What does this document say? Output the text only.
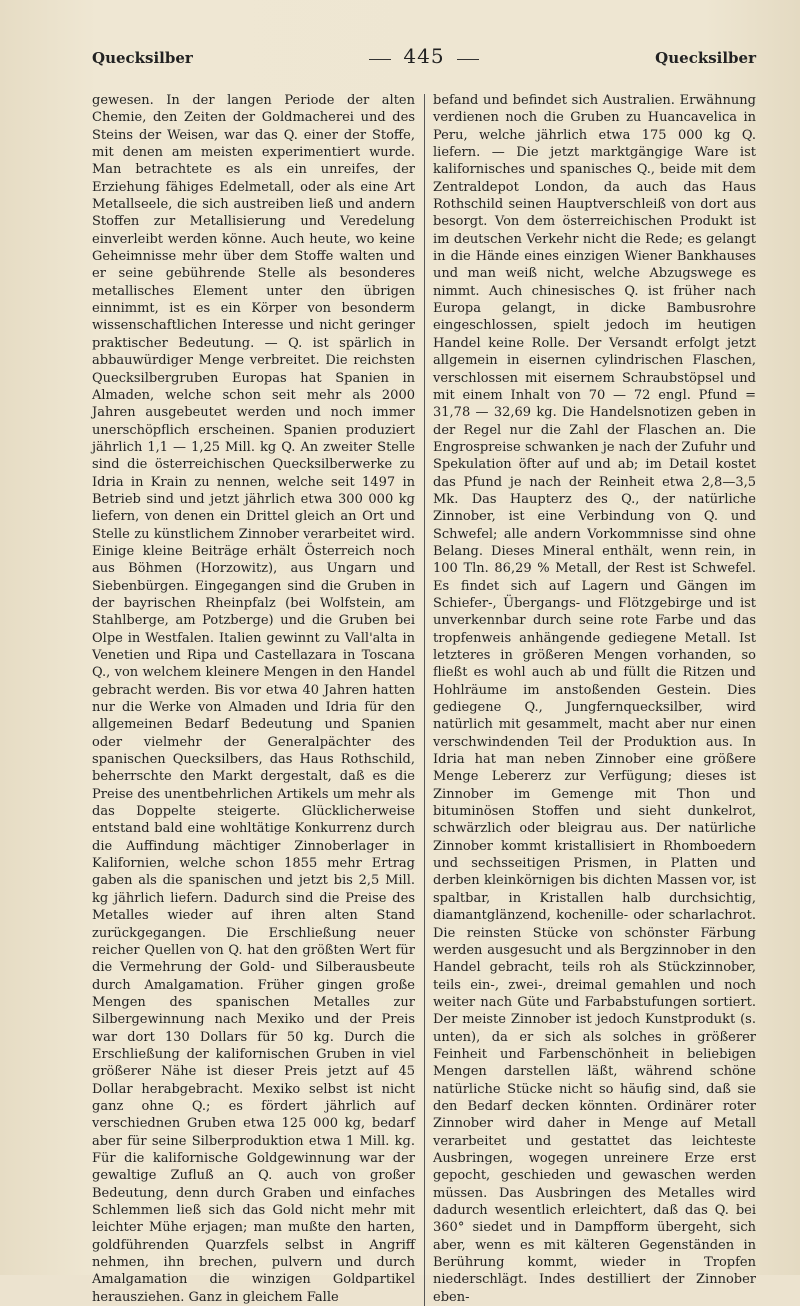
Quecksilber	445	Quecksilber

gewesen. In der langen Periode der alten Chemie, den Zeiten der Goldmacherei und des Steins der Weisen, war das Q. einer der Stoffe, mit denen am meisten experimentiert wurde. Man betrachtete es als ein unreifes, der Erziehung fähiges Edelmetall, oder als eine Art Metallseele, die sich austreiben ließ und andern Stoffen zur Metallisierung und Veredelung einverleibt werden könne. Auch heute, wo keine Geheimnisse mehr über dem Stoffe walten und er seine gebührende Stelle als besonderes metallisches Element unter den übrigen einnimmt, ist es ein Körper von besonderm wissenschaftlichen Interesse und nicht geringer praktischer Bedeutung. — Q. ist spärlich in abbauwürdiger Menge verbreitet. Die reichsten Quecksilbergruben Europas hat Spanien in Almaden, welche schon seit mehr als 2000 Jahren ausgebeutet werden und noch immer unerschöpflich erscheinen. Spanien produziert jährlich 1,1 — 1,25 Mill. kg Q. An zweiter Stelle sind die österreichischen Quecksilberwerke zu Idria in Krain zu nennen, welche seit 1497 in Betrieb sind und jetzt jährlich etwa 300 000 kg liefern, von denen ein Drittel gleich an Ort und Stelle zu künstlichem Zinnober verarbeitet wird. Einige kleine Beiträge erhält Österreich noch aus Böhmen (Horzowitz), aus Ungarn und Siebenbürgen. Eingegangen sind die Gruben in der bayrischen Rheinpfalz (bei Wolfstein, am Stahlberge, am Potzberge) und die Gruben bei Olpe in Westfalen. Italien gewinnt zu Vall'alta in Venetien und Ripa und Castellazara in Toscana Q., von welchem kleinere Mengen in den Handel gebracht werden. Bis vor etwa 40 Jahren hatten nur die Werke von Almaden und Idria für den allgemeinen Bedarf Bedeutung und Spanien oder vielmehr der Generalpächter des spanischen Quecksilbers, das Haus Rothschild, beherrschte den Markt dergestalt, daß es die Preise des unentbehrlichen Artikels um mehr als das Doppelte steigerte. Glücklicherweise entstand bald eine wohltätige Konkurrenz durch die Auffindung mächtiger Zinnoberlager in Kalifornien, welche schon 1855 mehr Ertrag gaben als die spanischen und jetzt bis 2,5 Mill. kg jährlich liefern. Dadurch sind die Preise des Metalles wieder auf ihren alten Stand zurückgegangen. Die Erschließung neuer reicher Quellen von Q. hat den größten Wert für die Vermehrung der Gold- und Silberausbeute durch Amalgamation. Früher gingen große Mengen des spanischen Metalles zur Silbergewinnung nach Mexiko und der Preis war dort 130 Dollars für 50 kg. Durch die Erschließung der kalifornischen Gruben in viel größerer Nähe ist dieser Preis jetzt auf 45 Dollar herabgebracht. Mexiko selbst ist nicht ganz ohne Q.; es fördert jährlich auf verschiednen Gruben etwa 125 000 kg, bedarf aber für seine Silberproduktion etwa 1 Mill. kg. Für die kalifornische Goldgewinnung war der gewaltige Zufluß an Q. auch von großer Bedeutung, denn durch Graben und einfaches Schlemmen ließ sich das Gold nicht mehr mit leichter Mühe erjagen; man mußte den harten, goldführenden Quarzfels selbst in Angriff nehmen, ihn brechen, pulvern und durch Amalgamation die winzigen Goldpartikel herausziehen. Ganz in gleichem Falle

befand und befindet sich Australien. Erwähnung verdienen noch die Gruben zu Huancavelica in Peru, welche jährlich etwa 175 000 kg Q. liefern. — Die jetzt marktgängige Ware ist kalifornisches und spanisches Q., beide mit dem Zentraldepot London, da auch das Haus Rothschild seinen Hauptverschleiß von dort aus besorgt. Von dem österreichischen Produkt ist im deutschen Verkehr nicht die Rede; es gelangt in die Hände eines einzigen Wiener Bankhauses und man weiß nicht, welche Abzugswege es nimmt. Auch chinesisches Q. ist früher nach Europa gelangt, in dicke Bambusrohre eingeschlossen, spielt jedoch im heutigen Handel keine Rolle. Der Versandt erfolgt jetzt allgemein in eisernen cylindrischen Flaschen, verschlossen mit eisernem Schraubstöpsel und mit einem Inhalt von 70 — 72 engl. Pfund = 31,78 — 32,69 kg. Die Handelsnotizen geben in der Regel nur die Zahl der Flaschen an. Die Engrospreise schwanken je nach der Zufuhr und Spekulation öfter auf und ab; im Detail kostet das Pfund je nach der Reinheit etwa 2,8—3,5 Mk. Das Haupterz des Q., der natürliche Zinnober, ist eine Verbindung von Q. und Schwefel; alle andern Vorkommnisse sind ohne Belang. Dieses Mineral enthält, wenn rein, in 100 Tln. 86,29 % Metall, der Rest ist Schwefel. Es findet sich auf Lagern und Gängen im Schiefer-, Übergangs- und Flötzgebirge und ist unverkennbar durch seine rote Farbe und das tropfenweis anhängende gediegene Metall. Ist letzteres in größeren Mengen vorhanden, so fließt es wohl auch ab und füllt die Ritzen und Hohlräume im anstoßenden Gestein. Dies gediegene Q., Jungfernquecksilber, wird natürlich mit gesammelt, macht aber nur einen verschwindenden Teil der Produktion aus. In Idria hat man neben Zinnober eine größere Menge Lebererz zur Verfügung; dieses ist Zinnober im Gemenge mit Thon und bituminösen Stoffen und sieht dunkelrot, schwärzlich oder bleigrau aus. Der natürliche Zinnober kommt kristallisiert in Rhomboedern und sechsseitigen Prismen, in Platten und derben kleinkörnigen bis dichten Massen vor, ist spaltbar, in Kristallen halb durchsichtig, diamantglänzend, kochenille- oder scharlachrot. Die reinsten Stücke von schönster Färbung werden ausgesucht und als Bergzinnober in den Handel gebracht, teils roh als Stückzinnober, teils ein-, zwei-, dreimal gemahlen und noch weiter nach Güte und Farbabstufungen sortiert. Der meiste Zinnober ist jedoch Kunstprodukt (s. unten), da er sich als solches in größerer Feinheit und Farbenschönheit in beliebigen Mengen darstellen läßt, während schöne natürliche Stücke nicht so häufig sind, daß sie den Bedarf decken könnten. Ordinärer roter Zinnober wird daher in Menge auf Metall verarbeitet und gestattet das leichteste Ausbringen, wogegen unreinere Erze erst gepocht, geschieden und gewaschen werden müssen. Das Ausbringen des Metalles wird dadurch wesentlich erleichtert, daß das Q. bei 360° siedet und in Dampfform übergeht, sich aber, wenn es mit kälteren Gegenständen in Berührung kommt, wieder in Tropfen niederschlägt. Indes destilliert der Zinnober eben-
